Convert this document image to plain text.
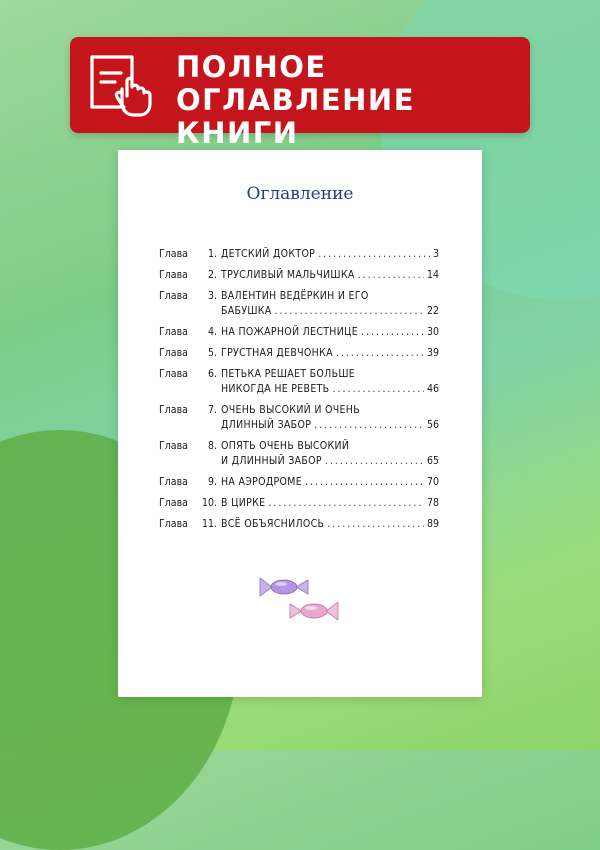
ПОЛНОЕ
ОГЛАВЛЕНИЕ КНИГИ
Оглавление
Глава	1. ДЕТСКИЙ ДОКТОР . . .	3
Глава	2. ТРУСЛИВЫЙ МАЛЬЧИШКА . . .	14
Глава	3. ВАЛЕНТИН ВЕДЁРКИН И ЕГО
БАБУШКА . . .	22
Глава	4. НА ПОЖАРНОЙ ЛЕСТНИЦЕ . . .	30
Глава	5. ГРУСТНАЯ ДЕВЧОНКА . . .	39
Глава	6. ПЕТЬКА РЕШАЕТ БОЛЬШЕ
НИКОГДА НЕ РЕВЕТЬ . . .	46
Глава	7. ОЧЕНЬ ВЫСОКИЙ И ОЧЕНЬ
ДЛИННЫЙ ЗАБОР . . .	56
Глава	8. ОПЯТЬ ОЧЕНЬ ВЫСОКИЙ
И ДЛИННЫЙ ЗАБОР . . .	65
Глава	9. НА АЭРОДРОМЕ . . .	70
Глава	10. В ЦИРКЕ . . .	78
Глава	11. ВСЁ ОБЪЯСНИЛОСЬ . . .	89
